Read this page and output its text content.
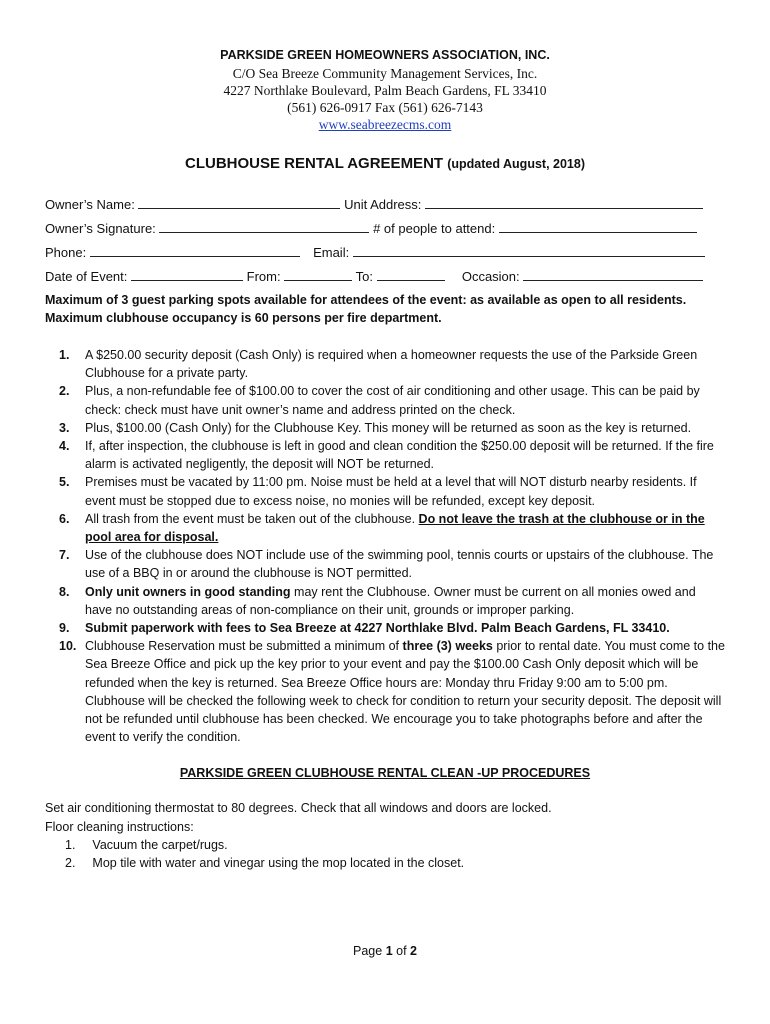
PARKSIDE GREEN HOMEOWNERS ASSOCIATION, INC.
C/O Sea Breeze Community Management Services, Inc.
4227 Northlake Boulevard, Palm Beach Gardens, FL 33410
(561) 626-0917 Fax (561) 626-7143
www.seabreezecms.com
CLUBHOUSE RENTAL AGREEMENT (updated August, 2018)
Owner’s Name:	Unit Address:
Owner’s Signature:	# of people to attend:
Phone:	Email:
Date of Event:	From:	To:	Occasion:
Maximum of 3 guest parking spots available for attendees of the event: as available as open to all residents.
Maximum clubhouse occupancy is 60 persons per fire department.
1. A $250.00 security deposit (Cash Only) is required when a homeowner requests the use of the Parkside Green Clubhouse for a private party.
2. Plus, a non-refundable fee of $100.00 to cover the cost of air conditioning and other usage. This can be paid by check: check must have unit owner’s name and address printed on the check.
3. Plus, $100.00 (Cash Only) for the Clubhouse Key. This money will be returned as soon as the key is returned.
4. If, after inspection, the clubhouse is left in good and clean condition the $250.00 deposit will be returned. If the fire alarm is activated negligently, the deposit will NOT be returned.
5. Premises must be vacated by 11:00 pm. Noise must be held at a level that will NOT disturb nearby residents. If event must be stopped due to excess noise, no monies will be refunded, except key deposit.
6. All trash from the event must be taken out of the clubhouse. Do not leave the trash at the clubhouse or in the pool area for disposal.
7. Use of the clubhouse does NOT include use of the swimming pool, tennis courts or upstairs of the clubhouse. The use of a BBQ in or around the clubhouse is NOT permitted.
8. Only unit owners in good standing may rent the Clubhouse. Owner must be current on all monies owed and have no outstanding areas of non-compliance on their unit, grounds or improper parking.
9. Submit paperwork with fees to Sea Breeze at 4227 Northlake Blvd. Palm Beach Gardens, FL 33410.
10. Clubhouse Reservation must be submitted a minimum of three (3) weeks prior to rental date. You must come to the Sea Breeze Office and pick up the key prior to your event and pay the $100.00 Cash Only deposit which will be refunded when the key is returned. Sea Breeze Office hours are: Monday thru Friday 9:00 am to 5:00 pm. Clubhouse will be checked the following week to check for condition to return your security deposit. The deposit will not be refunded until clubhouse has been checked. We encourage you to take photographs before and after the event to verify the condition.
PARKSIDE GREEN CLUBHOUSE RENTAL CLEAN -UP PROCEDURES
Set air conditioning thermostat to 80 degrees. Check that all windows and doors are locked.
Floor cleaning instructions:
1. Vacuum the carpet/rugs.
2. Mop tile with water and vinegar using the mop located in the closet.
Page 1 of 2
